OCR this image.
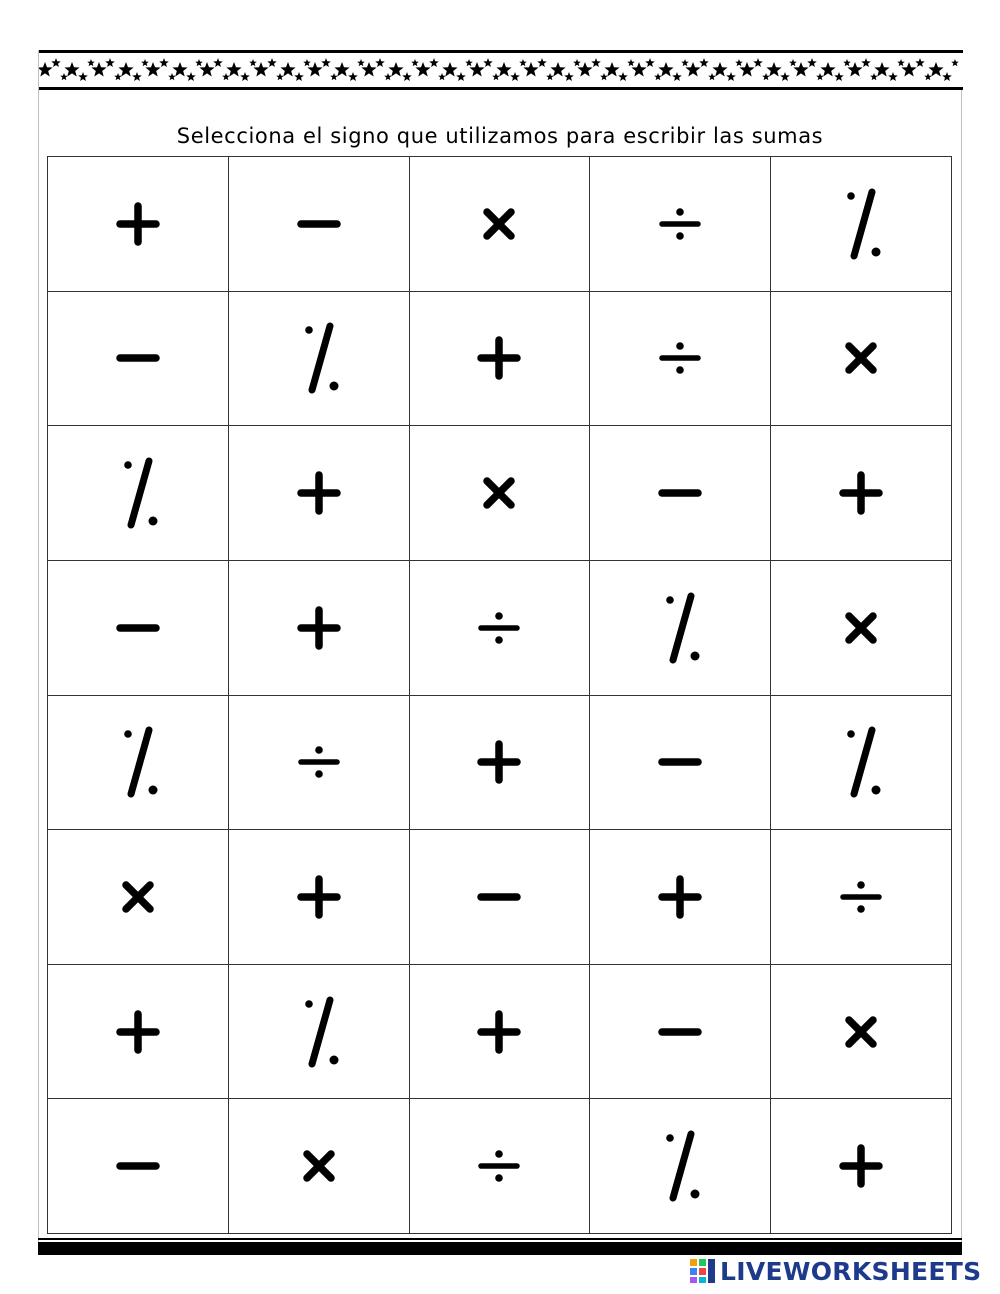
Selecciona el signo que utilizamos para escribir las sumas
LIVEWORKSHEETS
